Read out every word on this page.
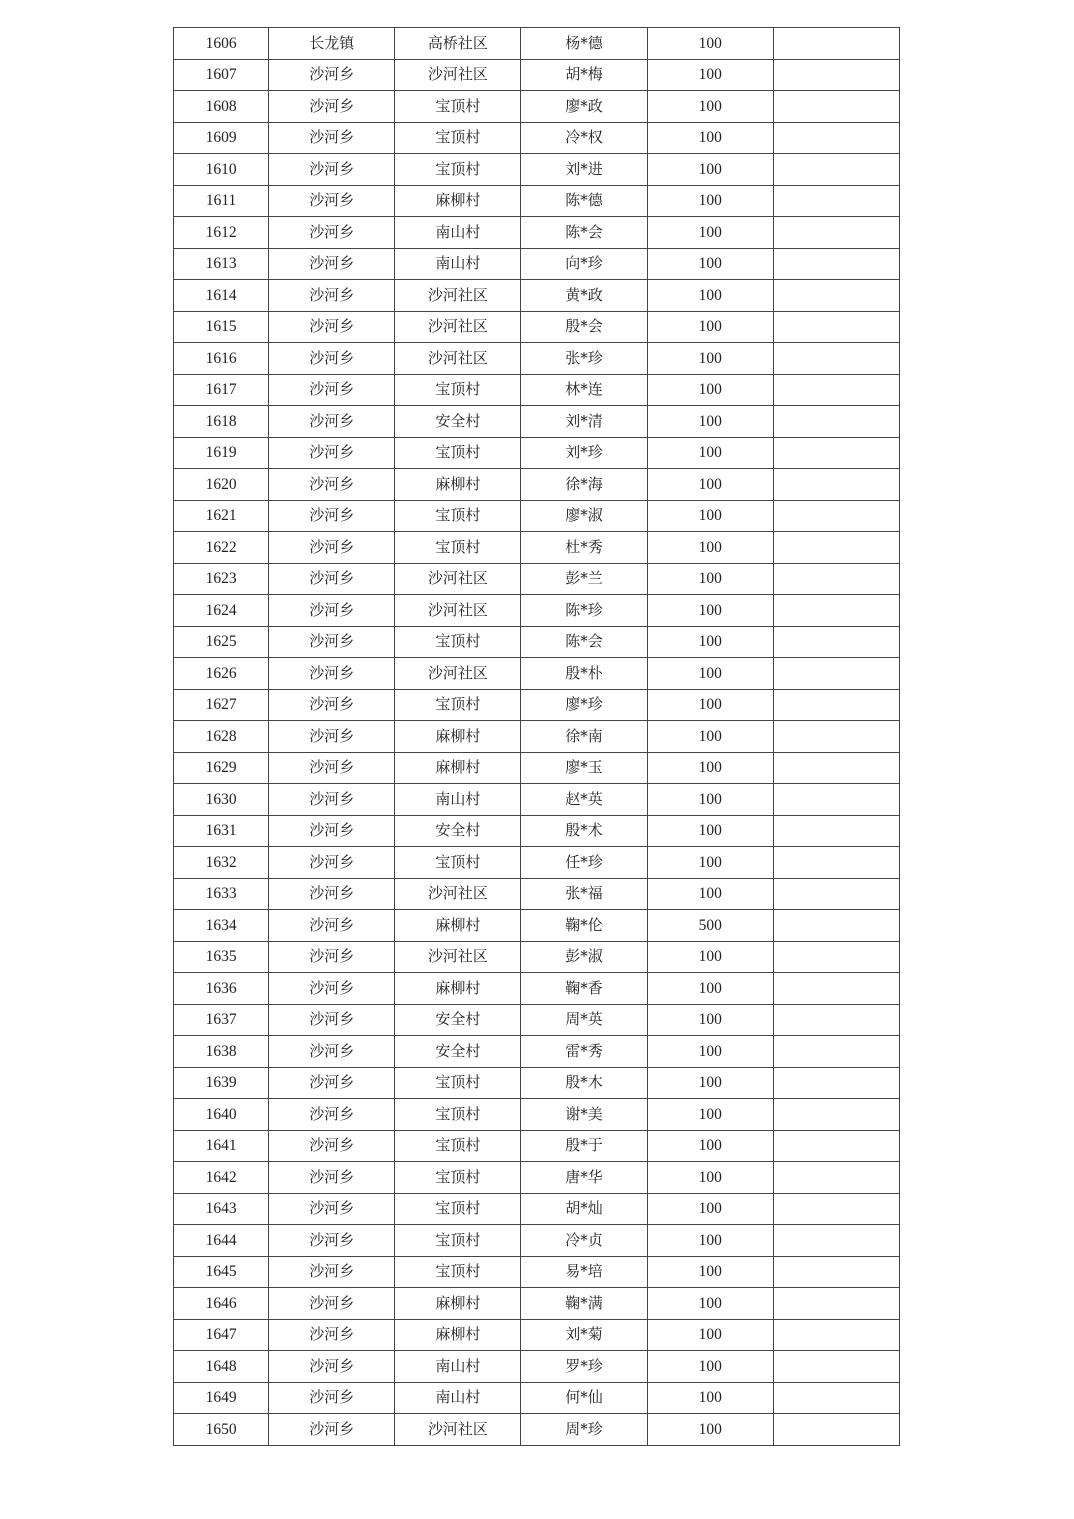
1606	长龙镇	高桥社区	杨*德	100	
1607	沙河乡	沙河社区	胡*梅	100	
1608	沙河乡	宝顶村	廖*政	100	
1609	沙河乡	宝顶村	冷*权	100	
1610	沙河乡	宝顶村	刘*进	100	
1611	沙河乡	麻柳村	陈*德	100	
1612	沙河乡	南山村	陈*会	100	
1613	沙河乡	南山村	向*珍	100	
1614	沙河乡	沙河社区	黄*政	100	
1615	沙河乡	沙河社区	殷*会	100	
1616	沙河乡	沙河社区	张*珍	100	
1617	沙河乡	宝顶村	林*连	100	
1618	沙河乡	安全村	刘*清	100	
1619	沙河乡	宝顶村	刘*珍	100	
1620	沙河乡	麻柳村	徐*海	100	
1621	沙河乡	宝顶村	廖*淑	100	
1622	沙河乡	宝顶村	杜*秀	100	
1623	沙河乡	沙河社区	彭*兰	100	
1624	沙河乡	沙河社区	陈*珍	100	
1625	沙河乡	宝顶村	陈*会	100	
1626	沙河乡	沙河社区	殷*朴	100	
1627	沙河乡	宝顶村	廖*珍	100	
1628	沙河乡	麻柳村	徐*南	100	
1629	沙河乡	麻柳村	廖*玉	100	
1630	沙河乡	南山村	赵*英	100	
1631	沙河乡	安全村	殷*术	100	
1632	沙河乡	宝顶村	任*珍	100	
1633	沙河乡	沙河社区	张*福	100	
1634	沙河乡	麻柳村	鞠*伦	500	
1635	沙河乡	沙河社区	彭*淑	100	
1636	沙河乡	麻柳村	鞠*香	100	
1637	沙河乡	安全村	周*英	100	
1638	沙河乡	安全村	雷*秀	100	
1639	沙河乡	宝顶村	殷*木	100	
1640	沙河乡	宝顶村	谢*美	100	
1641	沙河乡	宝顶村	殷*于	100	
1642	沙河乡	宝顶村	唐*华	100	
1643	沙河乡	宝顶村	胡*灿	100	
1644	沙河乡	宝顶村	冷*贞	100	
1645	沙河乡	宝顶村	易*培	100	
1646	沙河乡	麻柳村	鞠*满	100	
1647	沙河乡	麻柳村	刘*菊	100	
1648	沙河乡	南山村	罗*珍	100	
1649	沙河乡	南山村	何*仙	100	
1650	沙河乡	沙河社区	周*珍	100	
